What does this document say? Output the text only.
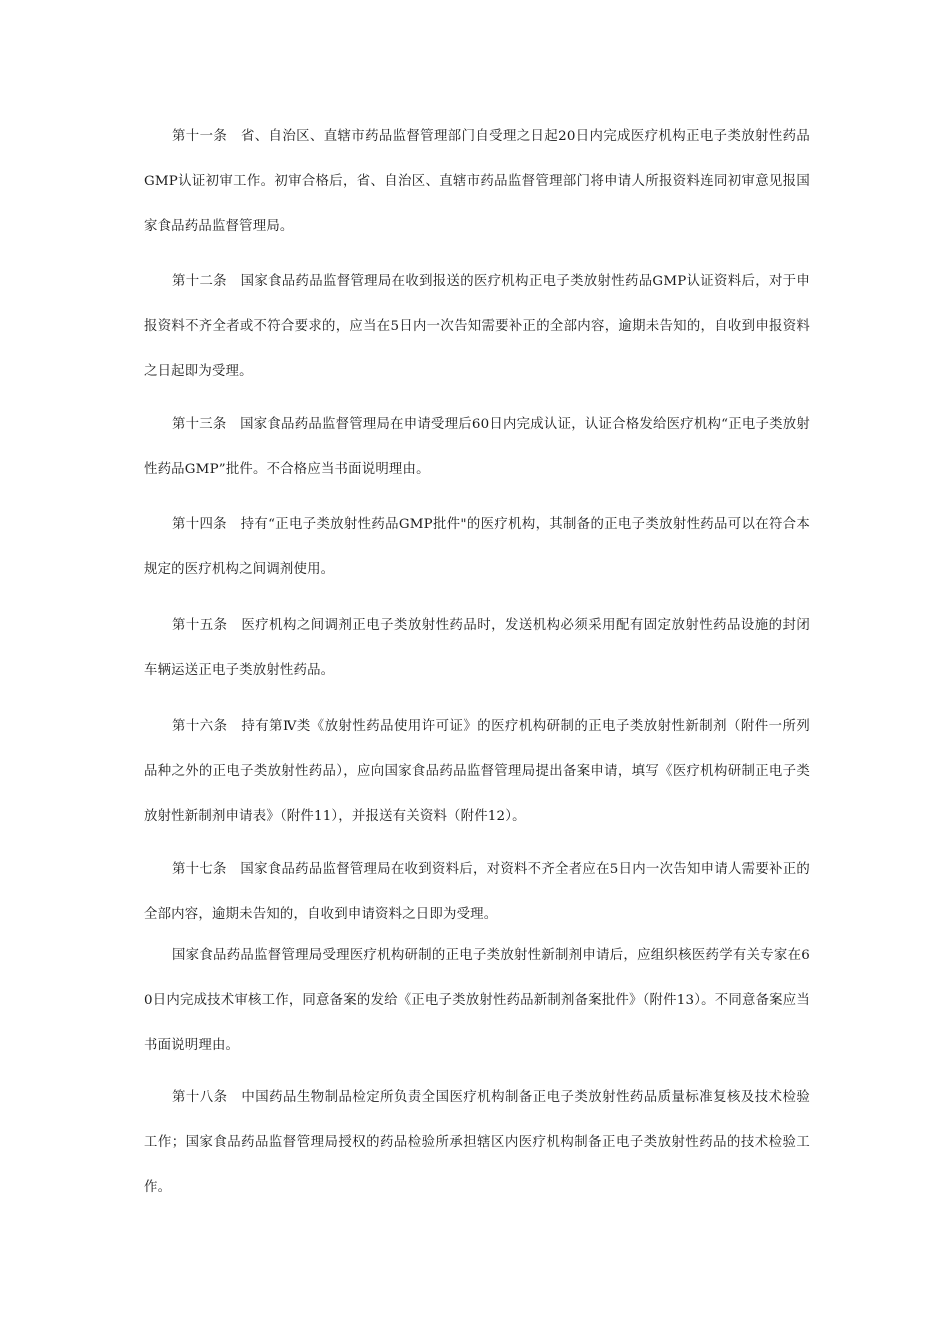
第十一条　省、自治区、直辖市药品监督管理部门自受理之日起20日内完成医疗机构正电子类放射性药品GMP认证初审工作。初审合格后，省、自治区、直辖市药品监督管理部门将申请人所报资料连同初审意见报国家食品药品监督管理局。

第十二条　国家食品药品监督管理局在收到报送的医疗机构正电子类放射性药品GMP认证资料后，对于申报资料不齐全者或不符合要求的，应当在5日内一次告知需要补正的全部内容，逾期未告知的，自收到申报资料之日起即为受理。

第十三条　国家食品药品监督管理局在申请受理后60日内完成认证，认证合格发给医疗机构“正电子类放射性药品GMP”批件。不合格应当书面说明理由。

第十四条　持有“正电子类放射性药品GMP批件"的医疗机构，其制备的正电子类放射性药品可以在符合本规定的医疗机构之间调剂使用。

第十五条　医疗机构之间调剂正电子类放射性药品时，发送机构必须采用配有固定放射性药品设施的封闭车辆运送正电子类放射性药品。

第十六条　持有第Ⅳ类《放射性药品使用许可证》的医疗机构研制的正电子类放射性新制剂（附件一所列品种之外的正电子类放射性药品），应向国家食品药品监督管理局提出备案申请，填写《医疗机构研制正电子类放射性新制剂申请表》（附件11），并报送有关资料（附件12）。

第十七条　国家食品药品监督管理局在收到资料后，对资料不齐全者应在5日内一次告知申请人需要补正的全部内容，逾期未告知的，自收到申请资料之日即为受理。

国家食品药品监督管理局受理医疗机构研制的正电子类放射性新制剂申请后，应组织核医药学有关专家在60日内完成技术审核工作，同意备案的发给《正电子类放射性药品新制剂备案批件》（附件13）。不同意备案应当书面说明理由。

第十八条　中国药品生物制品检定所负责全国医疗机构制备正电子类放射性药品质量标准复核及技术检验工作；国家食品药品监督管理局授权的药品检验所承担辖区内医疗机构制备正电子类放射性药品的技术检验工作。
